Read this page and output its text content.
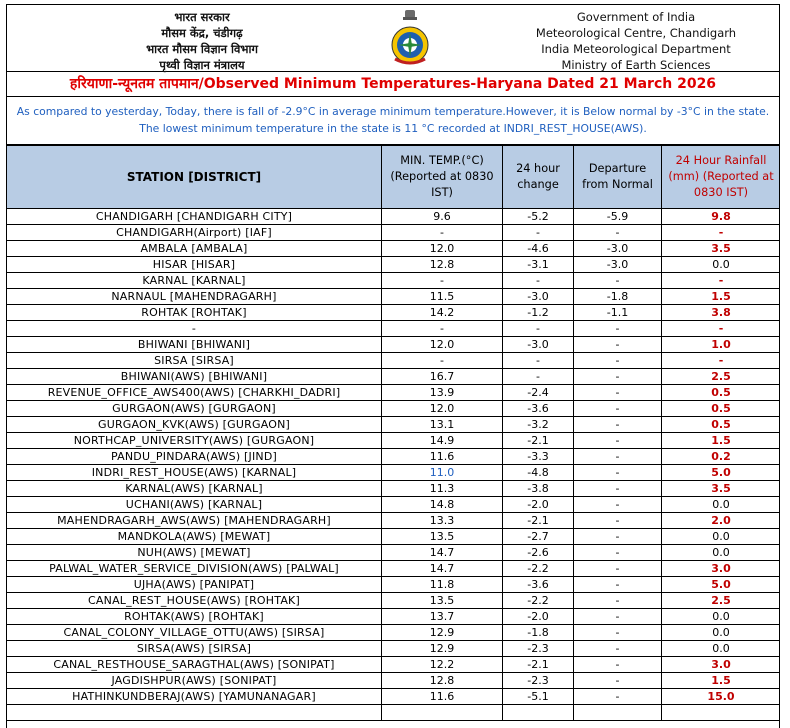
भारत सरकार
मौसम केंद्र, चंडीगढ़
भारत मौसम विज्ञान विभाग
पृथ्वी विज्ञान मंत्रालय
Government of India
Meteorological Centre, Chandigarh
India Meteorological Department
Ministry of Earth Sciences
हरियाणा-न्यूनतम तापमान/Observed Minimum Temperatures-Haryana Dated 21 March 2026
As compared to yesterday, Today, there is fall of -2.9°C in average minimum temperature.However, it is Below normal by -3°C in the state. The lowest minimum temperature in the state is 11 °C recorded at INDRI_REST_HOUSE(AWS).
STATION [DISTRICT]	MIN. TEMP.(°C) (Reported at 0830 IST)	24 hour change	Departure from Normal	24 Hour Rainfall (mm) (Reported at 0830 IST)
CHANDIGARH [CHANDIGARH CITY]	9.6	-5.2	-5.9	9.8
CHANDIGARH(Airport) [IAF]	-	-	-	-
AMBALA [AMBALA]	12.0	-4.6	-3.0	3.5
HISAR [HISAR]	12.8	-3.1	-3.0	0.0
KARNAL [KARNAL]	-	-	-	-
NARNAUL [MAHENDRAGARH]	11.5	-3.0	-1.8	1.5
ROHTAK [ROHTAK]	14.2	-1.2	-1.1	3.8
-	-	-	-	-
BHIWANI [BHIWANI]	12.0	-3.0	-	1.0
SIRSA [SIRSA]	-	-	-	-
BHIWANI(AWS) [BHIWANI]	16.7	-	-	2.5
REVENUE_OFFICE_AWS400(AWS) [CHARKHI_DADRI]	13.9	-2.4	-	0.5
GURGAON(AWS) [GURGAON]	12.0	-3.6	-	0.5
GURGAON_KVK(AWS) [GURGAON]	13.1	-3.2	-	0.5
NORTHCAP_UNIVERSITY(AWS) [GURGAON]	14.9	-2.1	-	1.5
PANDU_PINDARA(AWS) [JIND]	11.6	-3.3	-	0.2
INDRI_REST_HOUSE(AWS) [KARNAL]	11.0	-4.8	-	5.0
KARNAL(AWS) [KARNAL]	11.3	-3.8	-	3.5
UCHANI(AWS) [KARNAL]	14.8	-2.0	-	0.0
MAHENDRAGARH_AWS(AWS) [MAHENDRAGARH]	13.3	-2.1	-	2.0
MANDKOLA(AWS) [MEWAT]	13.5	-2.7	-	0.0
NUH(AWS) [MEWAT]	14.7	-2.6	-	0.0
PALWAL_WATER_SERVICE_DIVISION(AWS) [PALWAL]	14.7	-2.2	-	3.0
UJHA(AWS) [PANIPAT]	11.8	-3.6	-	5.0
CANAL_REST_HOUSE(AWS) [ROHTAK]	13.5	-2.2	-	2.5
ROHTAK(AWS) [ROHTAK]	13.7	-2.0	-	0.0
CANAL_COLONY_VILLAGE_OTTU(AWS) [SIRSA]	12.9	-1.8	-	0.0
SIRSA(AWS) [SIRSA]	12.9	-2.3	-	0.0
CANAL_RESTHOUSE_SARAGTHAL(AWS) [SONIPAT]	12.2	-2.1	-	3.0
JAGDISHPUR(AWS) [SONIPAT]	12.8	-2.3	-	1.5
HATHINKUNDBERAJ(AWS) [YAMUNANAGAR]	11.6	-5.1	-	15.0
